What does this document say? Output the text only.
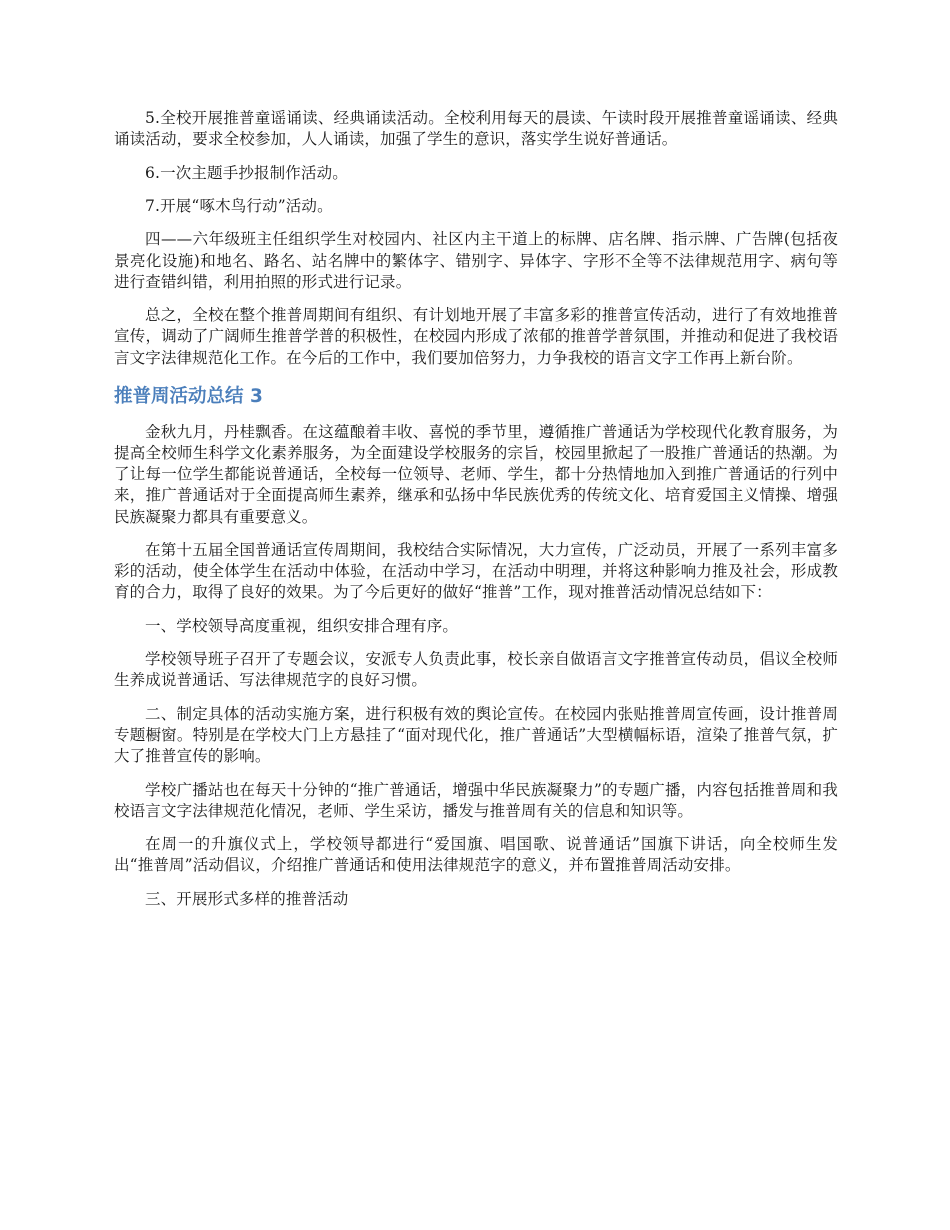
5.全校开展推普童谣诵读、经典诵读活动。全校利用每天的晨读、午读时段开展推普童谣诵读、经典诵读活动，要求全校参加，人人诵读，加强了学生的意识，落实学生说好普通话。

6.一次主题手抄报制作活动。

7.开展“啄木鸟行动”活动。

四——六年级班主任组织学生对校园内、社区内主干道上的标牌、店名牌、指示牌、广告牌(包括夜景亮化设施)和地名、路名、站名牌中的繁体字、错别字、异体字、字形不全等不法律规范用字、病句等进行查错纠错，利用拍照的形式进行记录。

总之，全校在整个推普周期间有组织、有计划地开展了丰富多彩的推普宣传活动，进行了有效地推普宣传，调动了广阔师生推普学普的积极性，在校园内形成了浓郁的推普学普氛围，并推动和促进了我校语言文字法律规范化工作。在今后的工作中，我们要加倍努力，力争我校的语言文字工作再上新台阶。

推普周活动总结 3

金秋九月，丹桂飘香。在这蕴酿着丰收、喜悦的季节里，遵循推广普通话为学校现代化教育服务，为提高全校师生科学文化素养服务，为全面建设学校服务的宗旨，校园里掀起了一股推广普通话的热潮。为了让每一位学生都能说普通话，全校每一位领导、老师、学生，都十分热情地加入到推广普通话的行列中来，推广普通话对于全面提高师生素养，继承和弘扬中华民族优秀的传统文化、培育爱国主义情操、增强民族凝聚力都具有重要意义。

在第十五届全国普通话宣传周期间，我校结合实际情况，大力宣传，广泛动员，开展了一系列丰富多彩的活动，使全体学生在活动中体验，在活动中学习，在活动中明理，并将这种影响力推及社会，形成教育的合力，取得了良好的效果。为了今后更好的做好“推普”工作，现对推普活动情况总结如下：

一、学校领导高度重视，组织安排合理有序。

学校领导班子召开了专题会议，安派专人负责此事，校长亲自做语言文字推普宣传动员，倡议全校师生养成说普通话、写法律规范字的良好习惯。

二、制定具体的活动实施方案，进行积极有效的舆论宣传。在校园内张贴推普周宣传画，设计推普周专题橱窗。特别是在学校大门上方悬挂了“面对现代化，推广普通话”大型横幅标语，渲染了推普气氛，扩大了推普宣传的影响。

学校广播站也在每天十分钟的“推广普通话，增强中华民族凝聚力”的专题广播，内容包括推普周和我校语言文字法律规范化情况，老师、学生采访，播发与推普周有关的信息和知识等。

在周一的升旗仪式上，学校领导都进行“爱国旗、唱国歌、说普通话”国旗下讲话，向全校师生发出“推普周”活动倡议，介绍推广普通话和使用法律规范字的意义，并布置推普周活动安排。

三、开展形式多样的推普活动
